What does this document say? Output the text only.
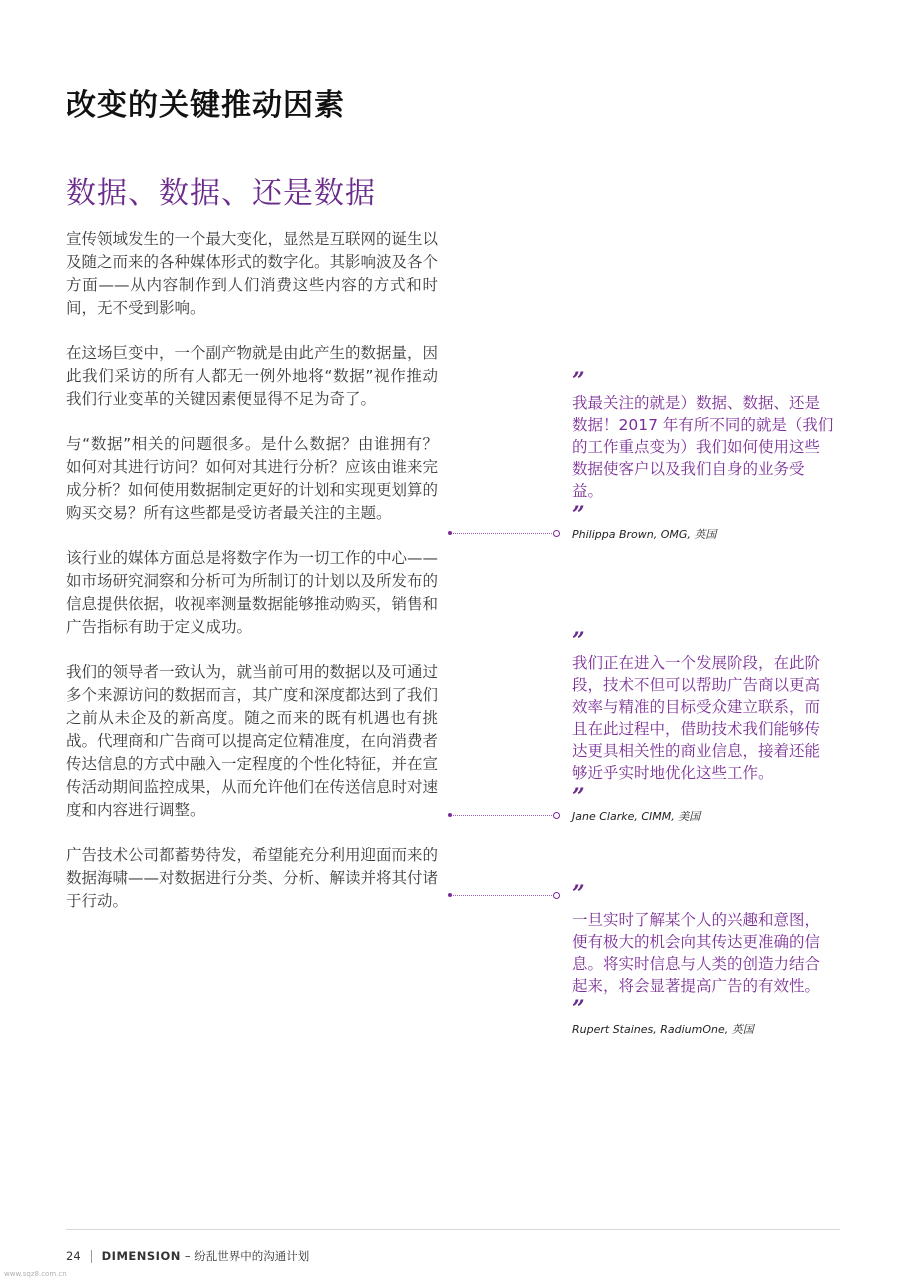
改变的关键推动因素
数据、数据、还是数据

宣传领域发生的一个最大变化，显然是互联网的诞生以及随之而来的各种媒体形式的数字化。其影响波及各个方面——从内容制作到人们消费这些内容的方式和时间，无不受到影响。

在这场巨变中，一个副产物就是由此产生的数据量，因此我们采访的所有人都无一例外地将“数据”视作推动我们行业变革的关键因素便显得不足为奇了。

与“数据”相关的问题很多。是什么数据？由谁拥有？如何对其进行访问？如何对其进行分析？应该由谁来完成分析？如何使用数据制定更好的计划和实现更划算的购买交易？所有这些都是受访者最关注的主题。

该行业的媒体方面总是将数字作为一切工作的中心——如市场研究洞察和分析可为所制订的计划以及所发布的信息提供依据，收视率测量数据能够推动购买，销售和广告指标有助于定义成功。

我们的领导者一致认为，就当前可用的数据以及可通过多个来源访问的数据而言，其广度和深度都达到了我们之前从未企及的新高度。随之而来的既有机遇也有挑战。代理商和广告商可以提高定位精准度，在向消费者传达信息的方式中融入一定程度的个性化特征，并在宣传活动期间监控成果，从而允许他们在传送信息时对速度和内容进行调整。

广告技术公司都蓄势待发，希望能充分利用迎面而来的数据海啸——对数据进行分类、分析、解读并将其付诸于行动。

”

我最关注的就是）数据、数据、还是数据！2017 年有所不同的就是（我们的工作重点变为）我们如何使用这些数据使客户以及我们自身的业务受益。

”
Philippa Brown, OMG, 英国
”

我们正在进入一个发展阶段，在此阶段，技术不但可以帮助广告商以更高效率与精准的目标受众建立联系，而且在此过程中，借助技术我们能够传达更具相关性的商业信息，接着还能够近乎实时地优化这些工作。

”
Jane Clarke, CIMM, 美国
”

一旦实时了解某个人的兴趣和意图，便有极大的机会向其传达更准确的信息。将实时信息与人类的创造力结合起来，将会显著提高广告的有效性。

”
Rupert Staines, RadiumOne, 英国
24 DIMENSION – 纷乱世界中的沟通计划
www.sqz8.com.cn
